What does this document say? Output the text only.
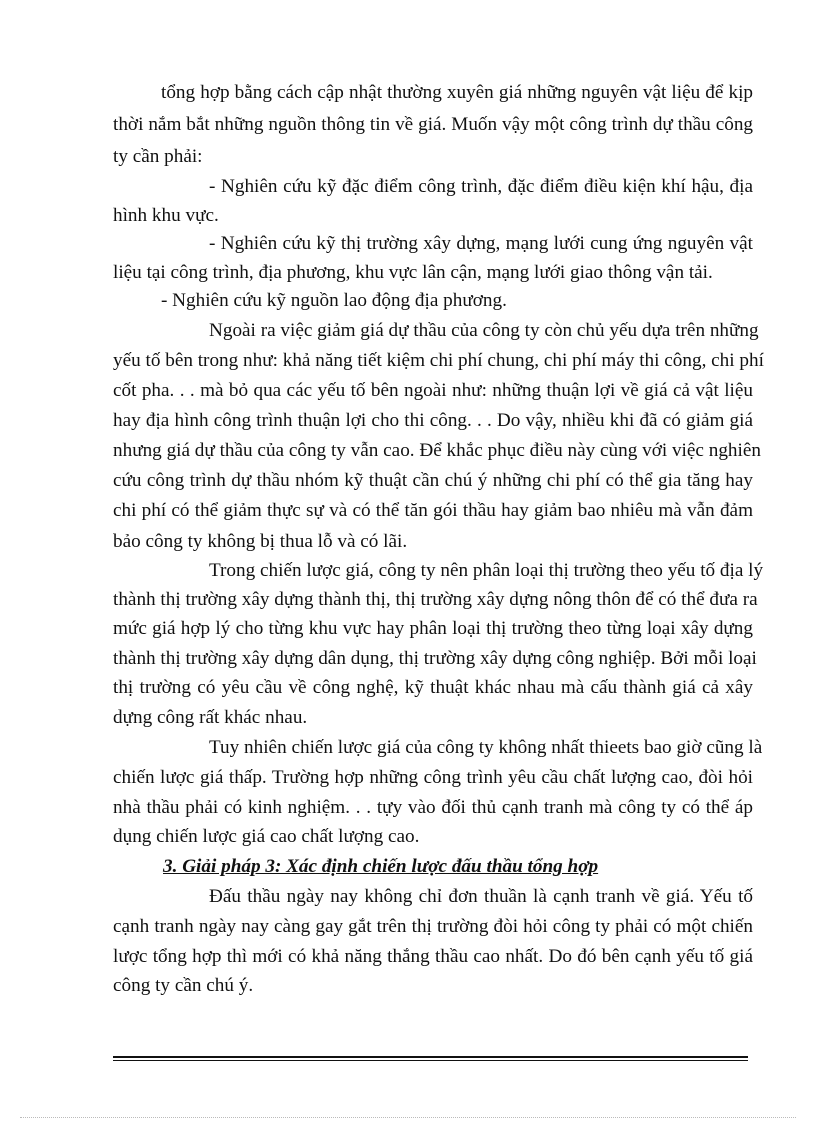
tổng hợp bằng cách cập nhật thường xuyên giá những nguyên vật liệu để kịp
thời nắm bắt những nguồn thông tin về giá. Muốn vậy một công trình dự thầu công
ty cần phải:
- Nghiên cứu kỹ đặc điểm công trình, đặc điểm điều kiện khí hậu, địa
hình khu vực.
- Nghiên cứu kỹ thị trường xây dựng, mạng lưới cung ứng nguyên vật
liệu tại công trình, địa phương, khu vực lân cận, mạng lưới giao thông vận tải.
- Nghiên cứu kỹ nguồn lao động địa phương.
Ngoài ra việc giảm giá dự thầu của công ty còn chủ yếu dựa trên những
yếu tố bên trong như: khả năng tiết kiệm chi phí chung, chi phí máy thi công, chi phí
cốt pha. . . mà bỏ qua các yếu tố bên ngoài như: những thuận lợi về giá cả vật liệu
hay địa hình công trình thuận lợi cho thi công. . . Do vậy, nhiều khi đã có giảm giá
nhưng giá dự thầu của công ty vẫn cao. Để khắc phục điều này cùng với việc nghiên
cứu công trình dự thầu nhóm kỹ thuật cần chú ý những chi phí có thể gia tăng hay
chi phí có thể giảm thực sự và có thể tăn gói thầu hay giảm bao nhiêu mà vẫn đảm
bảo công ty không bị thua lỗ và có lãi.
Trong chiến lược giá, công ty nên phân loại thị trường theo yếu tố địa lý
thành thị trường xây dựng thành thị, thị trường xây dựng nông thôn để có thể đưa ra
mức giá hợp lý cho từng khu vực hay phân loại thị trường theo từng loại xây dựng
thành thị trường xây dựng dân dụng, thị trường xây dựng công nghiệp. Bởi mỗi loại
thị trường có yêu cầu về công nghệ, kỹ thuật khác nhau mà cấu thành giá cả xây
dựng công rất khác nhau.
Tuy nhiên chiến lược giá của công ty không nhất thieets bao giờ cũng là
chiến lược giá thấp. Trường hợp những công trình yêu cầu chất lượng cao, đòi hỏi
nhà thầu phải có kinh nghiệm. . . tựy vào đối thủ cạnh tranh mà công ty có thể áp
dụng chiến lược giá cao chất lượng cao.
3. Giải pháp 3: Xác định chiến lược đấu thầu tổng hợp
Đấu thầu ngày nay không chỉ đơn thuần là cạnh tranh về giá. Yếu tố
cạnh tranh ngày nay càng gay gắt trên thị trường đòi hỏi công ty phải có một chiến
lược tổng hợp thì mới có khả năng thắng thầu cao nhất. Do đó bên cạnh yếu tố giá
công ty cần chú ý.
